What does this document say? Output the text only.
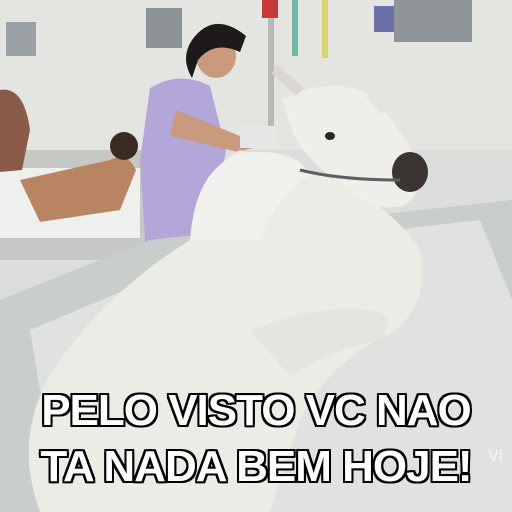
PELO VISTO VC NAO
TA NADA BEM HOJE!	Vi
